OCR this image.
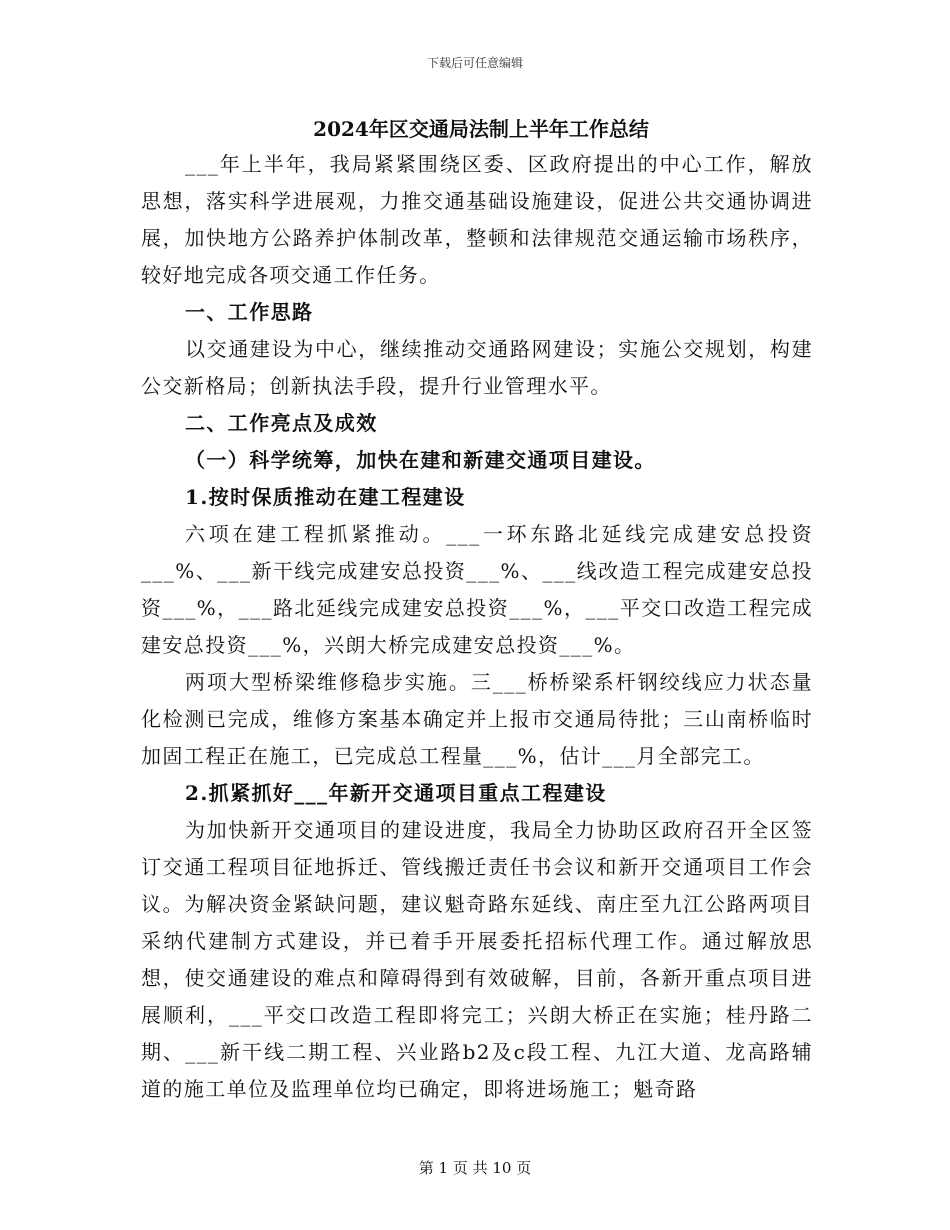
下载后可任意编辑
2024年区交通局法制上半年工作总结

___年上半年，我局紧紧围绕区委、区政府提出的中心工作，解放思想，落实科学进展观，力推交通基础设施建设，促进公共交通协调进展，加快地方公路养护体制改革，整顿和法律规范交通运输市场秩序，较好地完成各项交通工作任务。

一、工作思路

以交通建设为中心，继续推动交通路网建设；实施公交规划，构建公交新格局；创新执法手段，提升行业管理水平。

二、工作亮点及成效

（一）科学统筹，加快在建和新建交通项目建设。

1.按时保质推动在建工程建设

六项在建工程抓紧推动。___一环东路北延线完成建安总投资___%、___新干线完成建安总投资___%、___线改造工程完成建安总投资___%，___路北延线完成建安总投资___%，___平交口改造工程完成建安总投资___%，兴朗大桥完成建安总投资___%。

两项大型桥梁维修稳步实施。三___桥桥梁系杆钢绞线应力状态量化检测已完成，维修方案基本确定并上报市交通局待批；三山南桥临时加固工程正在施工，已完成总工程量___%，估计___月全部完工。

2.抓紧抓好___年新开交通项目重点工程建设

为加快新开交通项目的建设进度，我局全力协助区政府召开全区签订交通工程项目征地拆迁、管线搬迁责任书会议和新开交通项目工作会议。为解决资金紧缺问题，建议魁奇路东延线、南庄至九江公路两项目采纳代建制方式建设，并已着手开展委托招标代理工作。通过解放思想，使交通建设的难点和障碍得到有效破解，目前，各新开重点项目进展顺利，___平交口改造工程即将完工；兴朗大桥正在实施；桂丹路二期、___新干线二期工程、兴业路b2及c段工程、九江大道、龙高路辅道的施工单位及监理单位均已确定，即将进场施工；魁奇路

第 1 页 共 10 页
